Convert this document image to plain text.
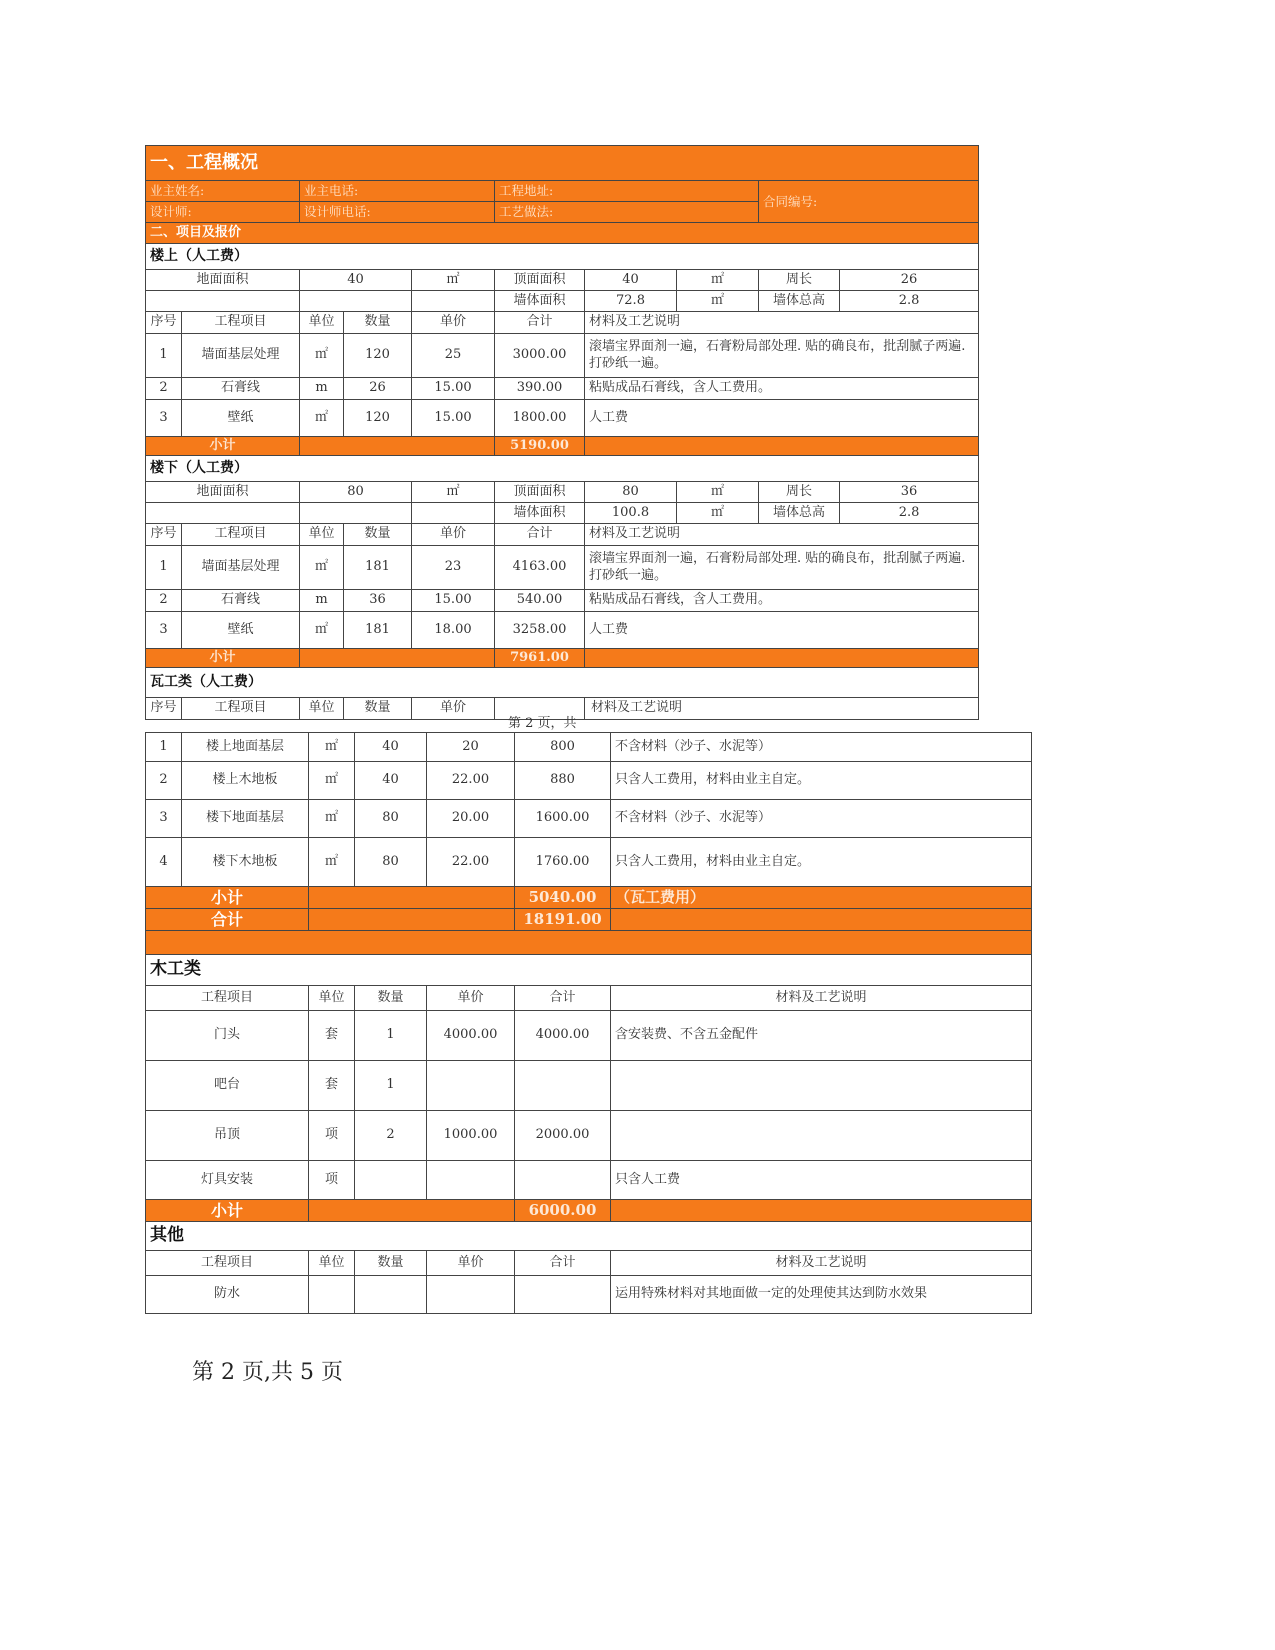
一、工程概况									
业主姓名:		业主电话:			工程地址:			合同编号:	
设计师:		设计师电话:			工艺做法:				
二、项目及报价									
楼上（人工费）									
地面面积		40		㎡	顶面面积	40	㎡	周长	26
					墙体面积	72.8	㎡	墙体总高	2.8
序号	工程项目	单位	数量	单价	合计	材料及工艺说明			
1	墙面基层处理	㎡	120	25	3000.00	滚墙宝界面剂一遍，石膏粉局部处理. 贴的确良布，批刮腻子两遍. 打砂纸一遍。			
2	石膏线	m	26	15.00	390.00	粘贴成品石膏线，含人工费用。			
3	壁纸	㎡	120	15.00	1800.00	人工费			
小计					5190.00				
楼下（人工费）									
地面面积		80		㎡	顶面面积	80	㎡	周长	36
					墙体面积	100.8	㎡	墙体总高	2.8
序号	工程项目	单位	数量	单价	合计	材料及工艺说明			
1	墙面基层处理	㎡	181	23	4163.00	滚墙宝界面剂一遍，石膏粉局部处理. 贴的确良布，批刮腻子两遍. 打砂纸一遍。			
2	石膏线	m	36	15.00	540.00	粘贴成品石膏线，含人工费用。			
3	壁纸	㎡	181	18.00	3258.00	人工费			
小计					7961.00				
瓦工类（人工费）									
序号	工程项目	单位	数量	单价		材料及工艺说明			
第 2 页，共
1	楼上地面基层	㎡	40	20	800	不含材料（沙子、水泥等）
2	楼上木地板	㎡	40	22.00	880	只含人工费用，材料由业主自定。
3	楼下地面基层	㎡	80	20.00	1600.00	不含材料（沙子、水泥等）
4	楼下木地板	㎡	80	22.00	1760.00	只含人工费用，材料由业主自定。
小计					5040.00	（瓦工费用）
合计					18191.00	

木工类						
工程项目		单位	数量	单价	合计	材料及工艺说明
门头		套	1	4000.00	4000.00	含安装费、不含五金配件
吧台		套	1			
吊顶		项	2	1000.00	2000.00	
灯具安装		项				只含人工费
小计					6000.00	
其他						
工程项目		单位	数量	单价	合计	材料及工艺说明
防水						运用特殊材料对其地面做一定的处理使其达到防水效果
第 2 页,共 5 页
